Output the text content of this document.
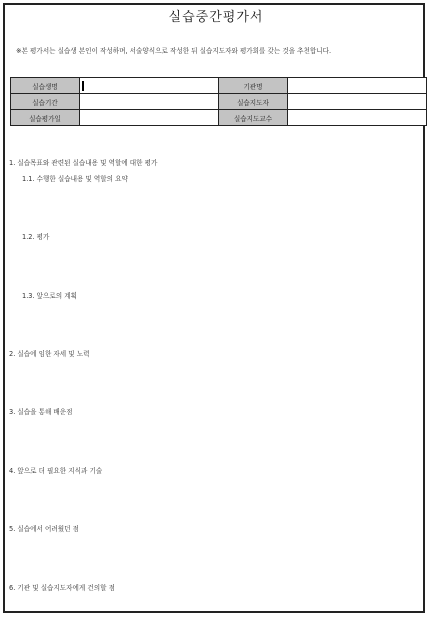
실습중간평가서
※본 평가서는 실습생 본인이 작성하며, 서술양식으로 작성한 뒤 실습지도자와 평가회를 갖는 것을 추천합니다.
실습생명		기관명	
실습기간		실습지도자	
실습평가일		실습지도교수	
1. 실습목표와 관련된 실습내용 및 역할에 대한 평가
1.1. 수행한 실습내용 및 역할의 요약
1.2. 평가
1.3. 앞으로의 계획
2. 실습에 임한 자세 및 노력
3. 실습을 통해 배운점
4. 앞으로 더 필요한 지식과 기술
5. 실습에서 어려웠던 점
6. 기관 및 실습지도자에게 건의할 점
